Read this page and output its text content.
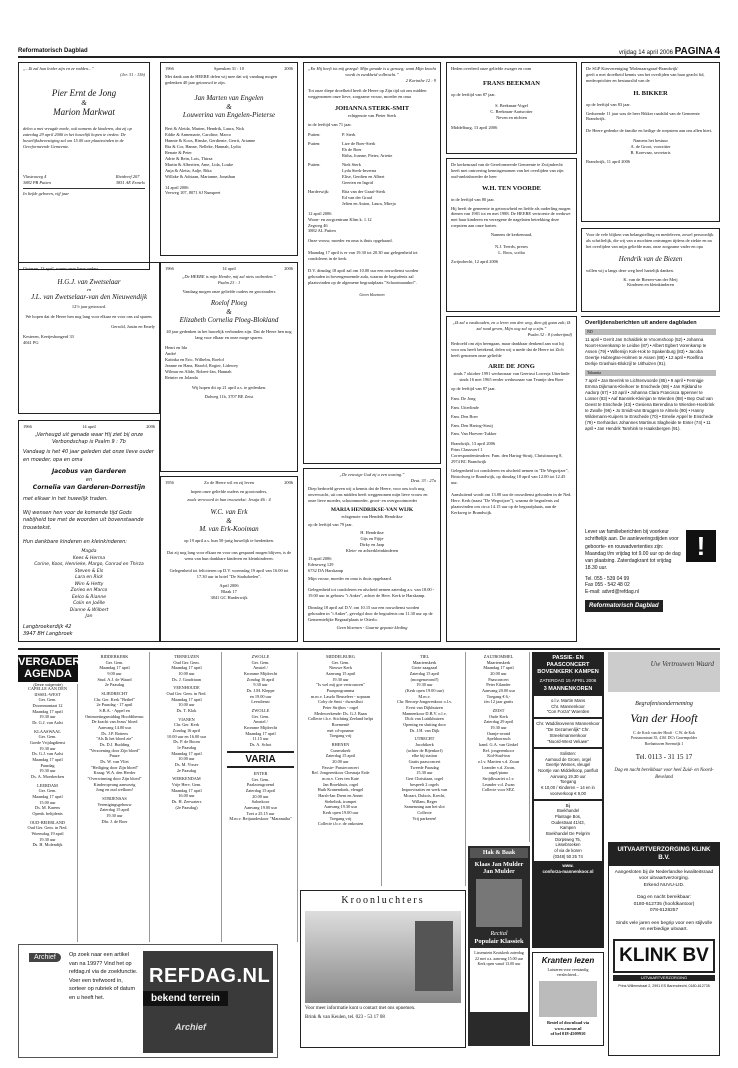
Reformatorisch Dagblad	vrijdag 14 april 2006 PAGINA 4
„...Ik zal hun leider zijn en ze redden...”
(Jer. 31 : 13b)
Pier Ernt de Jong
&
Marion Markwat
delen u met vreugde mede, ook namens de kinderen, dat zij op zaterdag 29 april 2006 in het huwelijk hopen te treden. De huwelijksbevestiging zal om 15.00 uur plaatsvinden in de Gereformeerde Gemeente.
Vlastraweg 4
3882 PB Putten
Rietdreef 207
3851 AE Ermelo
In liefde geboren, vijf jaar
1966	Spreuken 31 : 10	2006
Met dank aan de HEERE delen wij mee dat wij vandaag mogen gedenken 40 jaar getrouwd te zijn.
Jan Marten van Engelen
&
Louwerina van Engelen-Pieterse
Bert & Aleida, Marten, Hendrik, Laura, Nick
Eddie & Annemarie, Caroline, Marco
Hannie & Koos, Rinske, Gerdienie, Gerrit, Arianne
Ria & Cor, Hanne, Nelleke, Hannah, Lydia
Renate & Peter
Adrie & Rein, Lois, Thirza
Martin & Albertien, Ame, Lida, Louke
Anja & Aletta, Aalje, Rika
Willake & Adriaan, Marianne, Jonathan
14 april 2006
Veeweg 107, 8071 SJ Nunspeet
„En Hij heeft tot mij gezegd: Mijn genade is u genoeg; want Mijn kracht wordt in zwakheid volbracht.”
2 Korinthe 12 : 9
Tot onze diepe droefheid heeft de Heere op Zijn tijd uit ons midden weggenomen onze lieve, zorgzame vrouw, moeder en oma
JOHANNA STERK-SMIT
echtgenote van Pieter Sterk
in de leeftijd van 71 jaar.
Putten:	P. Sterk
Putten:	Lize de Boer-Sterk
Eb de Boer
Ritha, Joanne, Pieter, Ariette
Putten:	Niek Sterk
Lyda Sterk-Inverna
Elise, Gerdien en Albert
Geerten en Ingrid
Harderwijk:	Rita van der Graaf-Sterk
Ed van der Graaf
Jelien en Anton, Laura, Mireja
12 april 2006
Woon- en zorgcentrum Klim k. 1.12
Zegweg 46
3882 AL Putten
Onze vrouw, moeder en oma is thuis opgebaard.

Maandag 17 april is er van 19.30 tot 20.30 uur gelegenheid tot condoleren in de kerk.

D.V. dinsdag 18 april zal om 10.00 uur een rouwdienst worden gehouden in bovengenoemde aula, waarna de begrafenis zal plaatsvinden op de algemene begraafplaats "Schootmaanhof".
Geen bloemen
Heden overleed onze geliefde zwager en oom
FRANS BEEKMAN
op de leeftijd van 87 jaar.
S. Beekman-Vogel
C. Beekman-Aartsrotter
Neven en nichten
Middelburg, 13 april 2006
De SGP Kiesvereniging 'Molenaarsgraaf-Brandwijk'
geeft u met droefheid kennis van het overlijden van haar geacht lid, medeoprichter en bestuurslid van de
H. BIKKER
op de leeftijd van 83 jaar.
Gedurende 11 jaar was de heer Bikker raadslid van de Gemeente Brandwijk.

De Heere gedenke de familie en heilige de roepstem aan ons allen hiert.
Namens het bestuur
A. de Groot, voorzitter
B. Korevaar, secretaris
Brandwijk, 11 april 2006
De kerkenraad van de Gereformeerde Gemeente te Zwijndrecht heeft met ontroering kennisgenomen van het overlijden van zijn oud-ambtsbroeder de heer
W.H. TEN VOORDE
in de leeftijd van 80 jaar.
Hij heeft de gemeente in getrouwheid en liefde als ouderling mogen dienen van 1981 tot en met 1988. De HEERE vertroeste de weduwe met haar kinderen en verzegene de nagelaten betrekking deze roepstem aan onze harten.
Namens de kerkenraad,

N.J. Teerds, preses
L. Roos, scriba
Zwijndrecht, 12 april 2006
Voor de vele blijken van belangstelling en medeleven, zowel persoonlijk als schriftelijk, die wij van u mochten ontvangen tijdens de ziekte en na het overlijden van mijn geliefde man, onze zorgzame vader en opa
Hendrik van de Biezen
willen wij u langs deze weg heel hartelijk danken.
K. van de Biezen-van der Meij
Kinderen en kleinkinderen
Gisteren, 13 april, waren onze lieve ouders
H.G.J. van Zwetselaar
en
J.L. van Zwetselaar-van den Nieuwendijk
12½ jaar getrouwd.
We hopen dat de Heere hen nog lang voor elkaar en voor ons zal sparen.
Gerrold, Justin en Emely
Kesteren, Keetjesbongerd 33
4041 PG
1966	14 april	2006
„De HEERE is mijn Herder, mij zal niets ontbreken.”
Psalm 23 : 1
Vandaag mogen onze geliefde ouders en grootouders
Roelof Ploeg
&
Elizabeth Cornelia Ploeg-Blokland
40 jaar gedenken in het huwelijk verbonden zijn. Dat de Heere hen nog lang voor elkaar en onze moge sparen.
Henri en Ida
André
Katinka en Eric, Wilhelm, Roelof
Jeanne en Hans, Harold, Rogier, Lidewey
Wilmar en Alide, Robert-Jan, Hannah
Reinier en Jolanda
Wij hopen dit op 21 april a.s. te gedenken.
Dalweg 11b, 3707 BE Zeist
1966	14 april	2006
„Verheugd uit genade waar Hij ziet bij onze Verbondschap is Psalm 9 : 7b
Vandaag is het 40 jaar geleden dat onze lieve ouder en moeder, opa en oma
Jacobus van Garderen
en
Cornelia van Garderen-Dorrestijn
met elkaar in het huwelijk traden.

Wij wensen hen voor de komende tijd Gods nabijheid toe met de woorden uit bovenstaande trouwtekst.

Hun dankbare kinderen en kleinkinderen:
Magda
Kees & Herma
Corine, Koos, Henrieke, Margo, Conrad en Thirza
Steven & Els
Lara en Rick
Wim & Hetty
Zorieo en Marco
Eelco & Rianne
Colin en Joëlle
Dianne & Wilbert
Jan
Langbroekerdijk 42
3947 BH Langbroek
1956	Zo de Heere wil en zij leven	2006
hopen onze geliefde ouders en grootouders,
zoals verwoord in hun trouwtekst: Jesaja 46 : 4
W.C. van Erk
&
M. van Erk-Kooiman
op 19 april a.s. hun 50-jarig huwelijk te herdenken.

Dat zij nog lang voor elkaar en voor ons gespaard mogen blijven, is de wens van hun dankbare kinderen en kleinkinderen.

Gelegenheid tot feliciteren op D.V. woensdag 19 april van 16.00 tot 17.30 uur in hotel "De Stadsdoelen".
April 2006
Blaak 17
3841 GC Harderwijk
„Ik zal u vasthouden, en u leren van den weg, dien gij gaan zult; Ik zal raad geven, Mijn oog zal op u zijn.”
Psalm 32 : 8 (onberijmd)
Bedroefd om zijn heengaan, maar dankbaar denkend aan wat hij voor ons heeft betekend, delen wij u mede dat de Heere tot Zich heeft genomen onze geliefde
ARIE DE JONG
sinds 7 oktober 1991 weduwnaar van Geertrui Lowerja Uiterlinde
sinds 16 mei 1965 eerder weduwnaar van Teuntje den Boer
op de leeftijd van 87 jaar.
Fam. De Jong
Fam. Uiterlinde
Fam. Den Boer
Fam. Den Hartog-Struij
Fam. Van Hoeven-Tukker
Brandwijk, 13 april 2006
Prins Clauswerf 1
Correspondentieadres: Fam. den Hartog-Struij, Christinaweg 8, 2974 BC Brandwijk
Gelegenheid tot condoleren en afscheid nemen in "De Wegwijzer", Bristolweg te Brandwijk, op dinsdag 18 april van 12.00 tot 12.45 uur.

Aansluitend wordt om 13.00 uur de rouwdienst gehouden in de Ned. Herv. Kerk (naast "De Wegwijzer"), waarna de begrafenis zal plaatsvinden om circa 14.15 uur op de begraafplaats, aan de Kerkweg te Brandwijk.
„De eeuwige God zij u een woning.”
Deut. 33 : 27a
Diep bedroefd geven wij u kennis dat de Heere, voor ons toch nog onverwacht, uit ons midden heeft weggenomen mijn lieve vrouw en onze lieve moeder, schoonmoeder, groot- en overgrootmoeder
MARIA HENDRIKSE-VAN WIJK
echtgenote van Hendrik Hendrikse
op de leeftijd van 79 jaar.
H. Hendrikse
Gijs en Fijtje
Dirky en Jaap
Klein- en achterkleinkinderen
13 april 2006
Edeseweg 129
6732 DA Harskamp
Mijn vrouw, moeder en oma is thuis opgebaard.

Gelegenheid tot condoleren en afscheid nemen zaterdag a.s. van 18.00 - 19.00 uur in gebouw "t Anker", achter de Herv. Kerk te Harskamp.

Dinsdag 18 april zal D.V. om 10.15 uur een rouwdienst worden gehouden in "t Anker", gevolgd door de begrafenis om 11.30 uur op de Gemeentelijke Begraafplaats te Otterlo.
Geen bloemen - Gaarne gepaste kleding
Overlijdensberichten uit andere dagbladen
ND
11 april • Gerrit Jan Schaldink te Vroomshoop (52) • Johanna Noort-Hovenkamp te Leidse (87) • Albert Egbert Vorenkamp te Assen (79) • Willemijn Kok-Hok te Spakenburg (83) • Jacoba Geertje Hubregtse-Holmen te Assen (88) • 12 april • Roelfina Derkje Grashuis-Blokzijl te Uithuizen (91).
Tubantia
7 april • Jan Beerink te Lichtenvoorde (85) • 9 april • Fennigje Emma Dijkmans-Kleihoer te Enschede (69) • Jan Rijkland te Aadorp (67) • 10 april • Johanna Clara Francisca Ippenner te Losser (83) • Aaf Bannink-Kleinjan te Wierden (88) • Bep Oud van Geest te Enschede (43) • Gesiena Berendina te Wierden-Hoebrink te Zwolle (96) • Jo Smidt-van Bruggen te Almelo (90) • Hanny Wildemann-Kuipers te Enschede (70) • Emelie Appel te Enschede (79) • Gerhardus Johannes Martinus Slagheide te Enter (74) • 11 april • Jan Hendrik Tamhink te Haaksbergen (91).
!
Lever uw familieberichten bij voorkeur schriftelijk aan. De aanleveringstijden voor geboorte- en rouwadvertenties zijn: Maandag t/m vrijdag tot 9.00 uur op de dag van plaatsing. Zaterdagkrant tot vrijdag 18.30 uur.
Tel. 055 - 539 04 99
Fax 055 - 542 48 02
E-mail: advrd@refdag.nl
Reformatorisch Dagblad
VERGADER-AGENDA
(Deze volgende)

CAPELLE AAN DEN IJSSEL-WEST
Ger. Gem.
Doornmantaat 12
Maandag 17 april
19.30 uur
Dr. G.J. van Aalst

KLAASWAAL
Ger. Gem.
Goede Vrijdagdienst
19.30 uur
Ds. G.J. van Aalst
Maandag 17 april
Paasdag
19.30 uur
Ds. A. Moerkerken

LEERDAM
Ger. Gem.
Maandag 17 april
15.00 uur
Ds. M. Karens
Openb. belijdenis

OUD-BEIERLAND
Oud Ger. Gem. in Ned.
Woensdag 19 april
19.30 uur
Ds. H. Molendijk

RIDDERKERK
Ger. Gem.
Maandag 17 april
9.00 uur
Stud. A.J. de Waard
2e Paasdag

SLIEDRECHT
Chr. Ger. Kerk "Bethel"
2e Paasdag - 17 april
S.B.A. - Appel en Ontmoetingsmiddag Hoofdthema:
De kracht van Jezus' bloed
Aanvang 14.00 uur
Ds. J.P. Bottem
"Als Ik het bloed zie"
Ds. D.J. Budding
"Verzoening door Zijn bloed"
Pauze
Ds. W. van Vliet
"Heiliging door Zijn bloed"
Kraag: W.A. den Herder
"Overwinning door Zijn bloed"
Kinderopvang aanwezig
Jong en oud welkom!

STRIJENSAS
Verenigingsgebouw
Zaterdag 15 april
19.30 uur
Dhr. J. de Boer

TERNEUZEN
Oud Ger. Gem.
Maandag 17 april
10.00 uur
Ds. J. Goudriaan

VEENHOUDE
Oud Ger. Gem. in Ned.
Maandag 17 april
10.00 uur
Ds. T. Klok

VIANEN
Chr. Ger. Kerk
Zondag 16 april
10.00 uur en 16.00 uur
Ds. P. de Boom
1e Paasdag
Maandag 17 april
10.00 uur
Ds. M. Visser
2e Paasdag

WERKENDAM
Vrije Herv. Gem.
Maandag 17 april
16.00 uur
Ds. H. Zeewaters
(2e Paasdag)

ZWOLLE
Ger. Gem.
Amstel /
Kromme Mijdrecht
Zondag 16 april
9.30 uur
Ds. J.M. Kleppe
en 19.00 uur
Leesdienst

ZWOLLE
Ger. Gem.
Amstel /
Kromme Mijdrecht
Maandag 17 april
11.15 uur
Ds. A. Schot

VARIA

ENTER
Ger. Gem.
Paalzonsgroend
Zaterdag 15 april
20.00 uur
Salonkoor
Aanvang 19.00 uur
Toet a 25.15 uur
M.m.v. Reijaardeskoor "Maranatha"

MIDDELBURG
Ger. Gem.
Nieuwe Kerk
Aanvang 15 april
19.30 uur
"Is wel mij goe vertrouwen"
Paasprogramma
m.m.v. Laszlo Beuseleer - sopraan
Coby de Smit - dwarsfluit
Peter Strijbos - orgel
Medewerkende: Ds. G.J. Baan
Collecte t.b.v. Stichting Zeeland helpt Roemenië
met cd-opname
Toegang vrij

RHENEN
Cunerakerk
Zaterdag 15 april
20.00 uur
Passie- Passieconcert
Ref. Jongerenkoor Chesnaja Erde
m.m.v. Cees ten Kate
Jan Broekhuis, orgel
Huib Kranendonk, vleugel
Harsh-Ian Drent en Annet
Siebelink, trompet
Aanvang 19.30 uur
Kerk open 19.00 uur
Toegang vrij
Collecte t.b.v. de onkosten

TIEL
Maartenskerk
Grote zaagzaal
Zaterdag 15 april
(morgenavond!)
19.30 uur
(Kerk open 19.00 uur)
M.m.v.
Chr. Beroep-Jongerenkoor o.l.v.
Evert van Dijkhuizen
Mannenkoor D.B.V. o.l.v.
Dick van Luttikhuizen
Opening en sluiting door
Ds. J.H. van Dijk

UTRECHT
Jacobikerk
(achter de Bijenkorf)
elke bij station
Gratis paasconcert
Tweede Paasdag
15.30 uur
Gert Christiaan, orgel
bespeelt 2 orgels
Improvisaties en werk van
Mozart, Dubois, Krecht,
Willam, Reger
Samenzang aan het slot
Collecte
Vrij parkeren!

ZALTBOMMEL
Maartenskerk
Maandag 17 april
20.00 uur
Paasconcert
Peter Eilander
Aanvang 20.00 uur
Toegang € 6,-
t/m 12 jaar gratis

ZEIST
Oude Kerk
Zaterdag 29 april
19.30 uur
Oranje-avond
Apeldoornsch
kand. G.A. van Ginkel
Ref. jongerenkoor
Kid-Stad-inn
o.l.v. Martien v.d. Zwan
Leander v.d. Zwan,
orgel/piano
Strijdkwartet o.l.v.
Leander v.d. Zwan
Collecte voor SEZ.

PASSIE- EN PAASCONCERT BOVENKERK KAMPEN
ZATERDAG 15 APRIL 2006
3 MANNENKOREN
o.l.v. Martin Mans
Chr. Mannenkoor
"Con Forza" Woerden
Chr. Waddinxveens Mannenkoor
"De Gezamenlijk" Chr. Streekmannenkoor
"Noord-West Veluwe"
Solisten:
Aarnoud de Groen, orgel
Geertje Wemes, vleugel
Noortje van Middelkoop, panfluit
Aanvang 19.30 uur
Toegang
€ 10,00 / Kinderen – 14 en in voorverkoop € 9,00
Bij
Boekhandel
Plantage Bos,
Oudestraat 41/43,
Kampen
Boekhandel De Pelgrim
Dorpsweg 75,
Lissebroeken
of via de koren
(0348) 50 25 74
www.
conforza-mannenkoor.nl
Uw Vertrouwen Waard
Begrafenisonderneming
Van der Hooft
C. de Kock van der Hooft · C.W. de Kok
Postsmontraat 35, 4161 DC's Gravenpolder
Roelantswen Steenwijk 1
Tel. 0113 - 31 15 17
Dag en nacht bereikbaar voor heel Zuid- en Noord-Beveland
UITVAARTVERZORGING KLINK B.V.
Aangesloten bij de Nederlandse kwaliteitsraad voor uitvaartverzorging.
Erkend NUVU-LID.
Dag en nacht bereikbaar:
0180-612735 (hoofdkantoor)
078-6128257
Sinds vele jaren een begrip voor een stijlvolle en eerbiedige uitvaart.
KLINK BV
UITVAARTVERZORGING
Prins Willemstraat 2, 2991 ES Barendrecht, 0180-612735
Hak & Baak
Klaas Jan Mulder
Jan Mulder
Recital
Populair Klassiek
Lissenstein Kruiskerk zaterdag 22 mei a.s. aanvang 15.00 uur
Kerk open vanaf 13.00 uur	Kranten lezen
Luisteren voor verstandig verslechterd...
Bestel of download via www.cursor.nl
of bel 018-4509910
Kroonluchters
Voor meer informatie kunt u contact met ons opnemen.
Brink & van Keulen, tel. 023 - 53 17 08
Archief	Op zoek naar een artikel van na 1997? Vind het op refdag.nl via de zoekfunctie. Voer een trefwoord in, sorteer op rubriek of datum en u heeft het.
REFDAG.NL
bekend terrein
Archief
